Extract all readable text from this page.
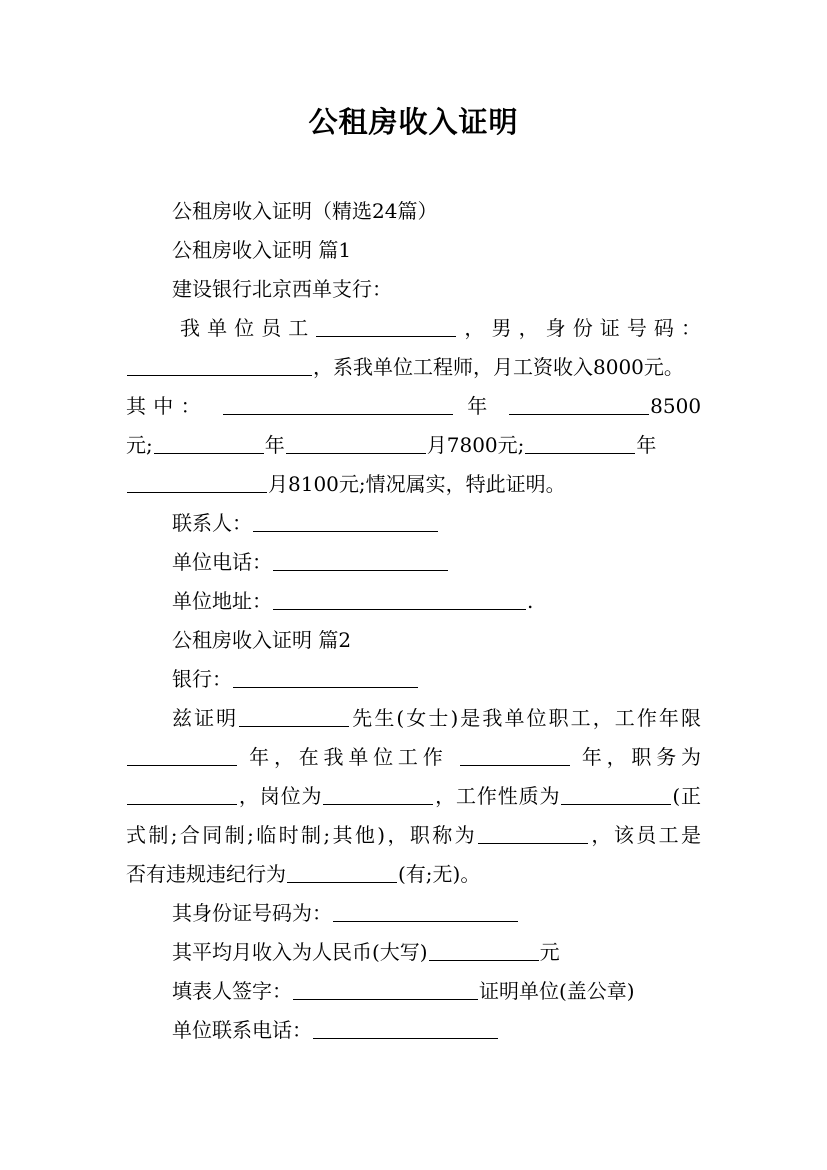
公租房收入证明
公租房收入证明（精选24篇）
公租房收入证明 篇1
建设银行北京西单支行：
我单位员工	，男，身份证号码：
，系我单位工程师，月工资收入8000元。
其中：	年	8500
元;	年	月7800元;	年
月8100元;情况属实，特此证明。
联系人：
单位电话：
单位地址：	.
公租房收入证明 篇2
银行：
兹证明	先生(女士)是我单位职工，工作年限
年，在我单位工作	年，职务为
，岗位为	，工作性质为	(正
式制;合同制;临时制;其他)，职称为	，该员工是
否有违规违纪行为	(有;无)。
其身份证号码为：
其平均月收入为人民币(大写)	元
填表人签字：	证明单位(盖公章)
单位联系电话：
